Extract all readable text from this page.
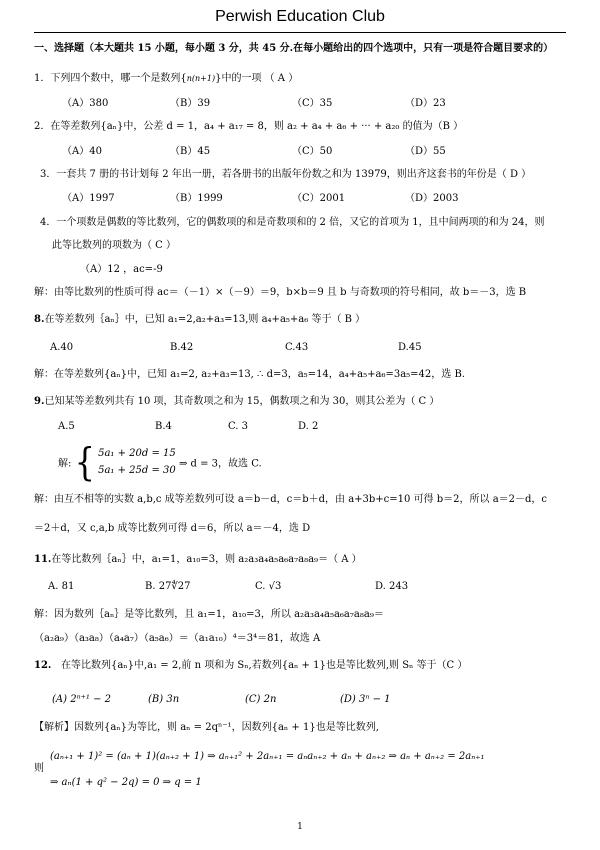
Perwish Education Club
一、选择题（本大题共 15 小题，每小题 3 分，共 45 分.在每小题给出的四个选项中，只有一项是符合题目要求的）
1．下列四个数中，哪一个是数列{n(n+1)}中的一项 （ A ）
（A）380	（B）39	（C）35	（D）23
2．在等差数列{aₙ}中，公差 d = 1，a₄ + a₁₇ = 8，则 a₂ + a₄ + a₆ + ··· + a₂₀ 的值为（B ）
（A）40	（B）45	（C）50	（D）55
3．一套共 7 册的书计划每 2 年出一册，若各册书的出版年份数之和为 13979，则出齐这套书的年份是（ D ）
（A）1997	（B）1999	（C）2001	（D）2003
4．一个项数是偶数的等比数列，它的偶数项的和是奇数项和的 2 倍，又它的首项为 1，且中间两项的和为 24，则
此等比数列的项数为（ C ）
（A）12 ，ac=-9
解：由等比数列的性质可得 ac＝（－1）×（－9）＝9，b×b＝9 且 b 与奇数项的符号相同，故 b＝－3，选 B
8.在等差数列｛aₙ｝中，已知 a₁=2,a₂+a₃=13,则 a₄+a₅+a₆ 等于（ B ）
A.40	B.42	C.43	D.45
解：在等差数列{aₙ}中，已知 a₁=2, a₂+a₃=13, ∴ d=3，a₅=14，a₄+a₅+a₆=3a₅=42，选 B.
9.已知某等差数列共有 10 项，其奇数项之和为 15，偶数项之和为 30，则其公差为（ C ）
A.5	B.4	C. 3	D. 2
解: { 5a₁ + 20d = 15
5a₁ + 25d = 30
⇒ d = 3，故选 C.
解：由互不相等的实数 a,b,c 成等差数列可设 a＝b－d，c＝b＋d，由 a+3b+c=10 可得 b＝2，所以 a＝2－d，c
＝2＋d，又 c,a,b 成等比数列可得 d＝6，所以 a＝－4，选 D
11.在等比数列｛aₙ｝中，a₁=1，a₁₀=3，则 a₂a₃a₄a₅a₆a₇a₈a₉＝（ A ）
A. 81	B. 27∜27	C. √3	D. 243
解：因为数列｛aₙ｝是等比数列，且 a₁=1，a₁₀=3，所以 a₂a₃a₄a₅a₆a₇a₈a₉＝
（a₂a₉）（a₃a₈）（a₄a₇）（a₅a₆）＝（a₁a₁₀）⁴＝3⁴＝81，故选 A
12. 在等比数列{aₙ}中,a₁ = 2,前 n 项和为 Sₙ,若数列{aₙ + 1}也是等比数列,则 Sₙ 等于（C ）
(A) 2ⁿ⁺¹ − 2	(B) 3n	(C) 2n	(D) 3ⁿ − 1
【解析】因数列{aₙ}为等比，则 aₙ = 2qⁿ⁻¹，因数列{aₙ + 1}也是等比数列,
(aₙ₊₁ + 1)² = (aₙ + 1)(aₙ₊₂ + 1) ⇒ aₙ₊₁² + 2aₙ₊₁ = aₙaₙ₊₂ + aₙ + aₙ₊₂ ⇒ aₙ + aₙ₊₂ = 2aₙ₊₁
则
⇒ aₙ(1 + q² − 2q) = 0 ⇒ q = 1
1
